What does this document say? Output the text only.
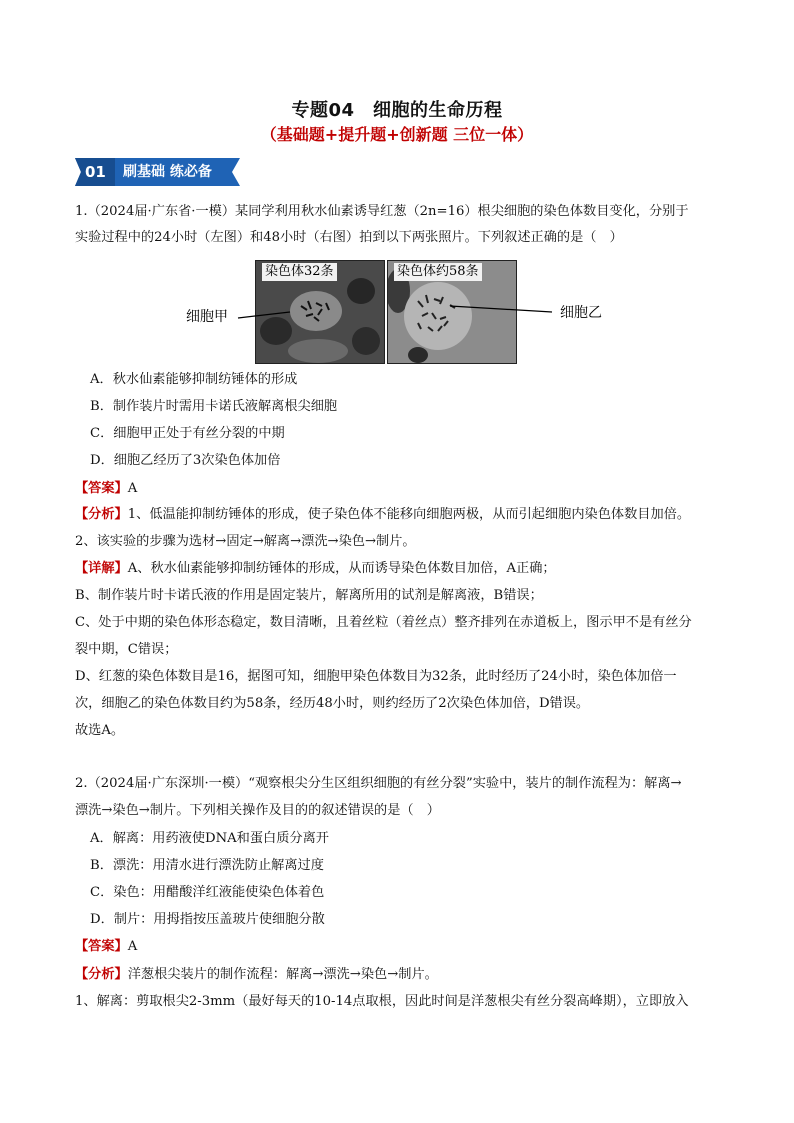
专题04　细胞的生命历程
（基础题+提升题+创新题 三位一体）
01 刷基础 练必备
1.（2024届·广东省·一模）某同学利用秋水仙素诱导红葱（2n=16）根尖细胞的染色体数目变化，分别于
实验过程中的24小时（左图）和48小时（右图）拍到以下两张照片。下列叙述正确的是（　）
染色体32条	染色体约58条
细胞甲	细胞乙
A．秋水仙素能够抑制纺锤体的形成
B．制作装片时需用卡诺氏液解离根尖细胞
C．细胞甲正处于有丝分裂的中期
D．细胞乙经历了3次染色体加倍
【答案】A
【分析】1、低温能抑制纺锤体的形成，使子染色体不能移向细胞两极，从而引起细胞内染色体数目加倍。
2、该实验的步骤为选材→固定→解离→漂洗→染色→制片。
【详解】A、秋水仙素能够抑制纺锤体的形成，从而诱导染色体数目加倍，A正确；
B、制作装片时卡诺氏液的作用是固定装片，解离所用的试剂是解离液，B错误；
C、处于中期的染色体形态稳定，数目清晰，且着丝粒（着丝点）整齐排列在赤道板上，图示甲不是有丝分
裂中期，C错误；
D、红葱的染色体数目是16，据图可知，细胞甲染色体数目为32条，此时经历了24小时，染色体加倍一
次，细胞乙的染色体数目约为58条，经历48小时，则约经历了2次染色体加倍，D错误。
故选A。
2.（2024届·广东深圳·一模）“观察根尖分生区组织细胞的有丝分裂”实验中，装片的制作流程为：解离→
漂洗→染色→制片。下列相关操作及目的的叙述错误的是（　）
A．解离：用药液使DNA和蛋白质分离开
B．漂洗：用清水进行漂洗防止解离过度
C．染色：用醋酸洋红液能使染色体着色
D．制片：用拇指按压盖玻片使细胞分散
【答案】A
【分析】洋葱根尖装片的制作流程：解离→漂洗→染色→制片。
1、解离：剪取根尖2-3mm（最好每天的10-14点取根，因此时间是洋葱根尖有丝分裂高峰期），立即放入
